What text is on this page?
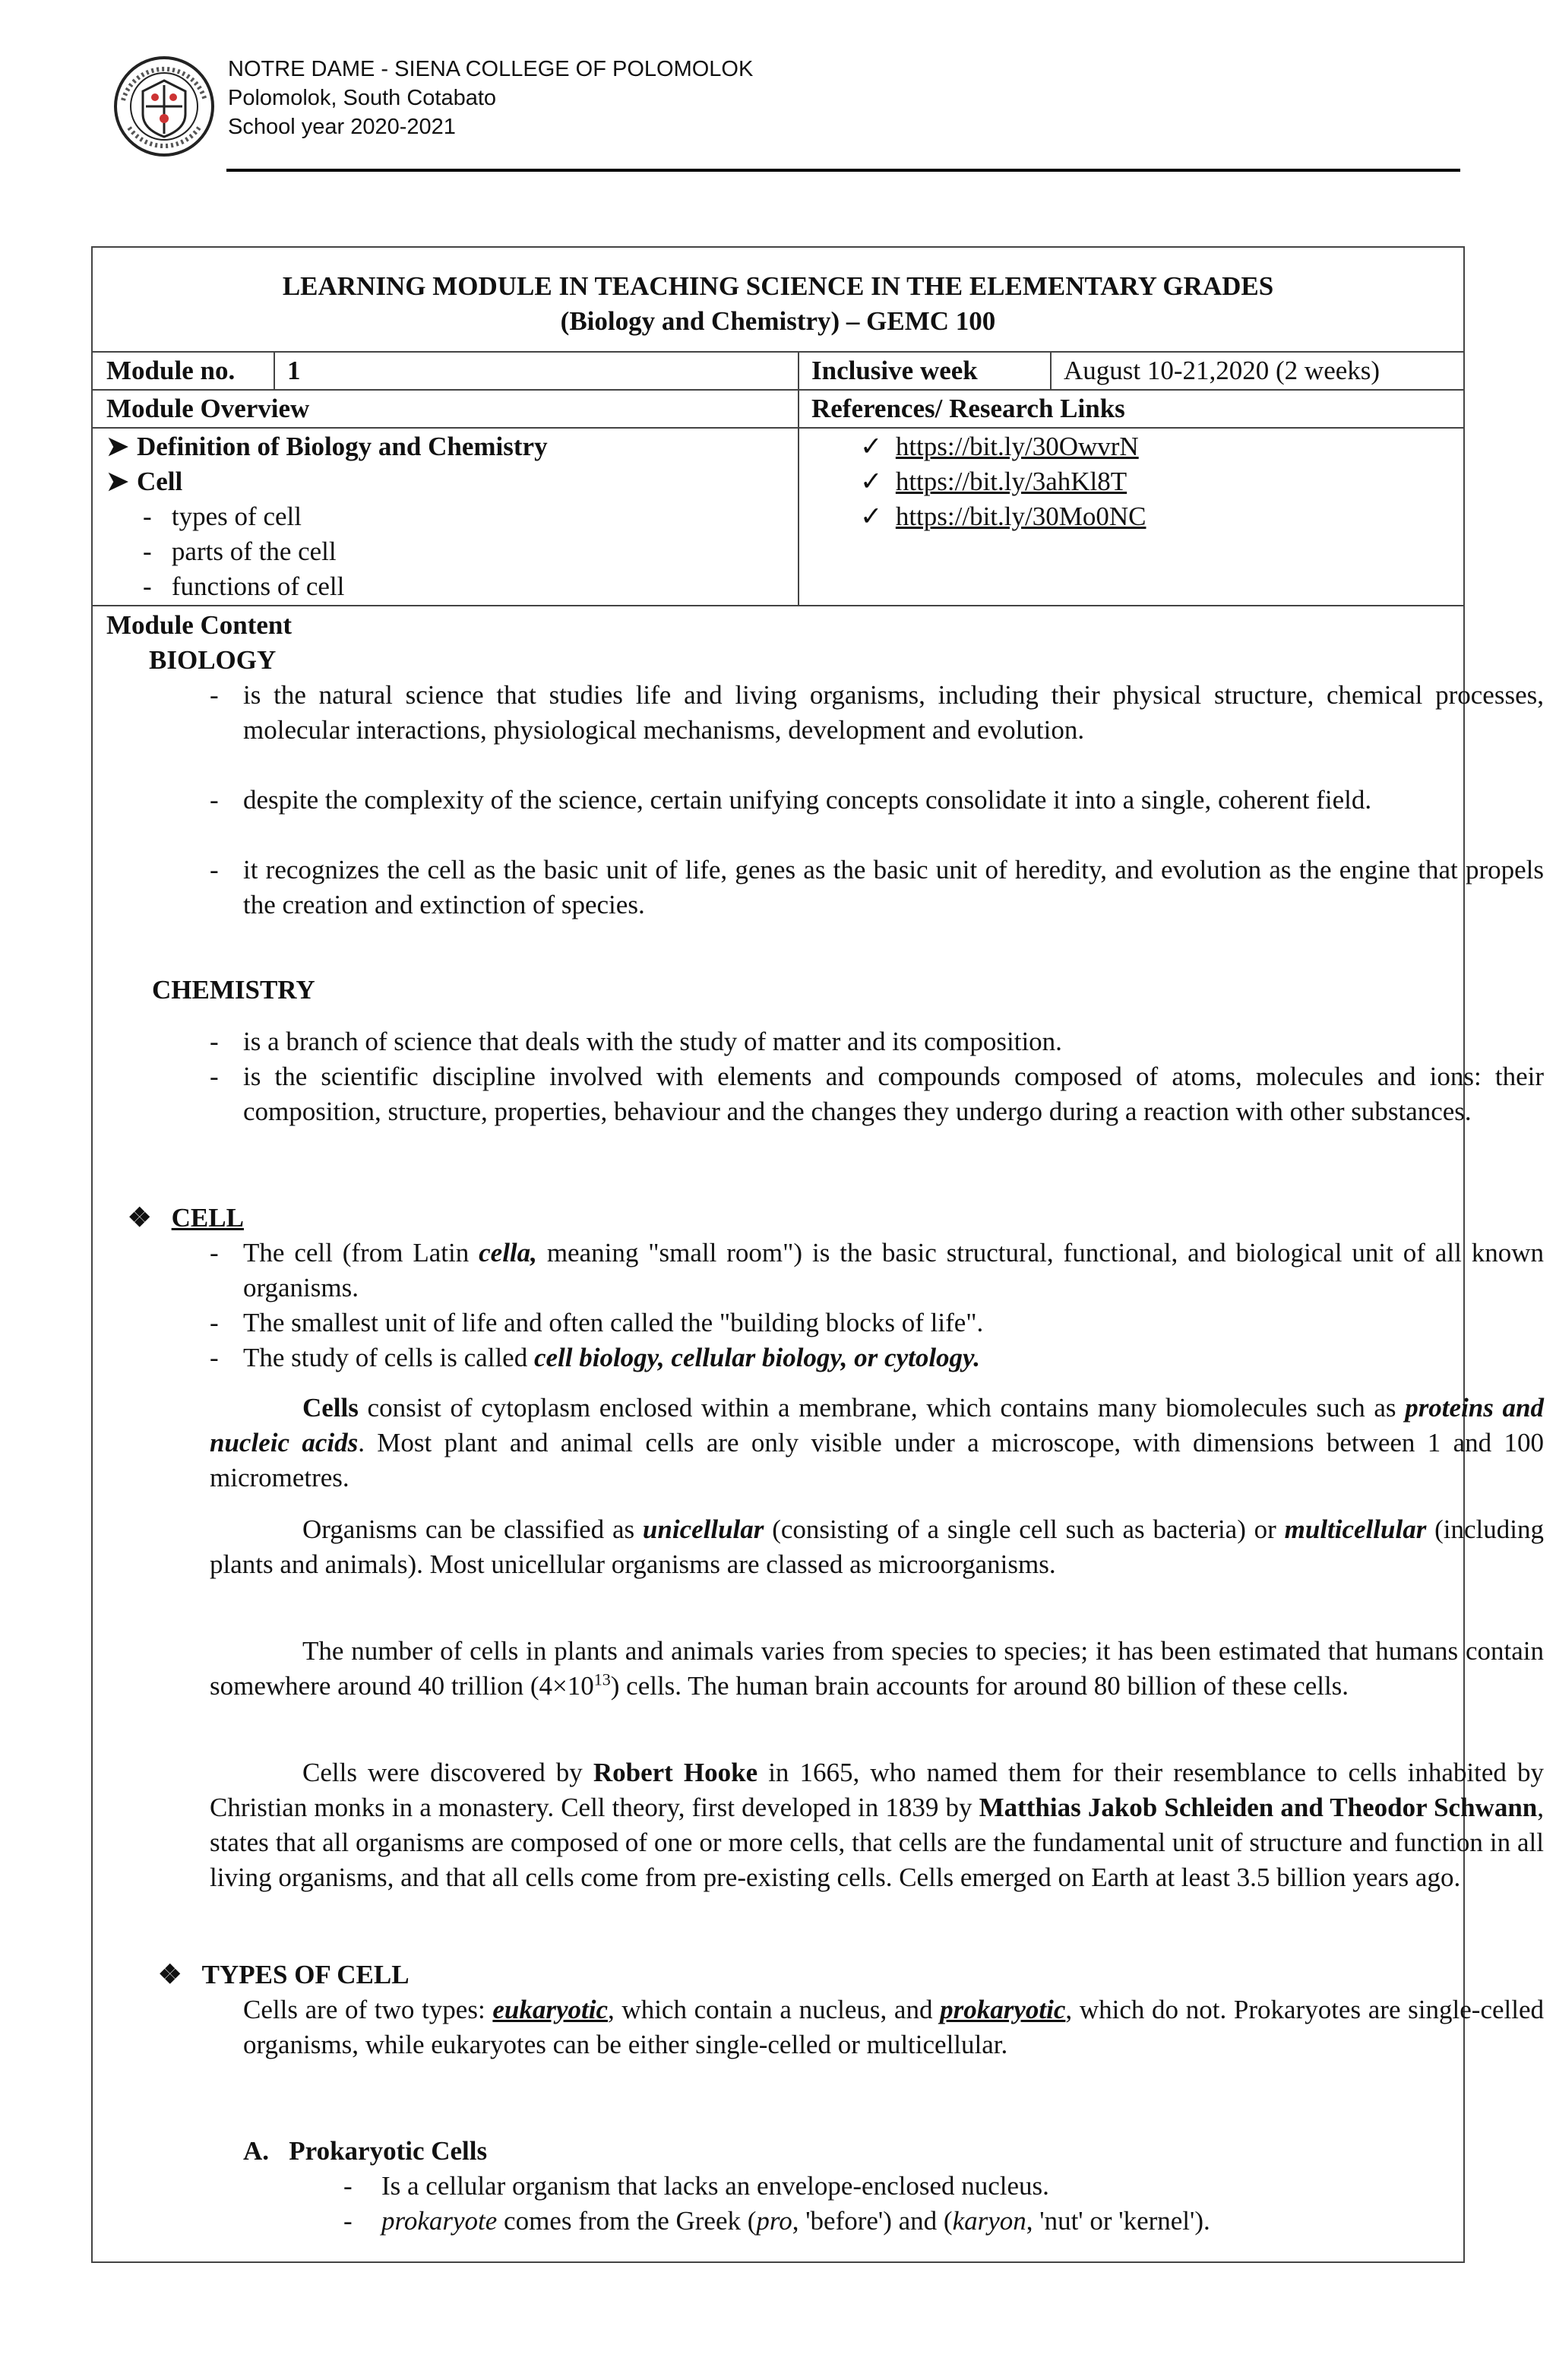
NOTRE DAME - SIENA COLLEGE OF POLOMOLOK
Polomolok, South Cotabato
School year 2020-2021
LEARNING MODULE IN TEACHING SCIENCE IN THE ELEMENTARY GRADES
(Biology and Chemistry) – GEMC 100
Module no. 1	Inclusive week	August 10-21,2020 (2 weeks)
Module Overview	References/ Research Links
➤ Definition of Biology and Chemistry
➤ Cell
-   types of cell
-   parts of the cell
-   functions of cell
✓ https://bit.ly/30OwvrN
✓ https://bit.ly/3ahKl8T
✓ https://bit.ly/30Mo0NC
Module Content
BIOLOGY
- is the natural science that studies life and living organisms, including their physical structure, chemical processes, molecular interactions, physiological mechanisms, development and evolution.
- despite the complexity of the science, certain unifying concepts consolidate it into a single, coherent field.
- it recognizes the cell as the basic unit of life, genes as the basic unit of heredity, and evolution as the engine that propels the creation and extinction of species.
CHEMISTRY
- is a branch of science that deals with the study of matter and its composition.
- is the scientific discipline involved with elements and compounds composed of atoms, molecules and ions: their composition, structure, properties, behaviour and the changes they undergo during a reaction with other substances.
❖ CELL
- The cell (from Latin cella, meaning "small room") is the basic structural, functional, and biological unit of all known organisms.
- The smallest unit of life and often called the "building blocks of life".
- The study of cells is called cell biology, cellular biology, or cytology.
Cells consist of cytoplasm enclosed within a membrane, which contains many biomolecules such as proteins and nucleic acids. Most plant and animal cells are only visible under a microscope, with dimensions between 1 and 100 micrometres.
Organisms can be classified as unicellular (consisting of a single cell such as bacteria) or multicellular (including plants and animals). Most unicellular organisms are classed as microorganisms.
The number of cells in plants and animals varies from species to species; it has been estimated that humans contain somewhere around 40 trillion $(4\times 10^{13})$ cells. The human brain accounts for around 80 billion of these cells.
Cells were discovered by Robert Hooke in 1665, who named them for their resemblance to cells inhabited by Christian monks in a monastery. Cell theory, first developed in 1839 by Matthias Jakob Schleiden and Theodor Schwann, states that all organisms are composed of one or more cells, that cells are the fundamental unit of structure and function in all living organisms, and that all cells come from pre-existing cells. Cells emerged on Earth at least 3.5 billion years ago.
❖ TYPES OF CELL
Cells are of two types: eukaryotic, which contain a nucleus, and prokaryotic, which do not. Prokaryotes are single-celled organisms, while eukaryotes can be either single-celled or multicellular.
A. Prokaryotic Cells
- Is a cellular organism that lacks an envelope-enclosed nucleus.
- prokaryote comes from the Greek (pro, 'before') and (karyon, 'nut' or 'kernel').
